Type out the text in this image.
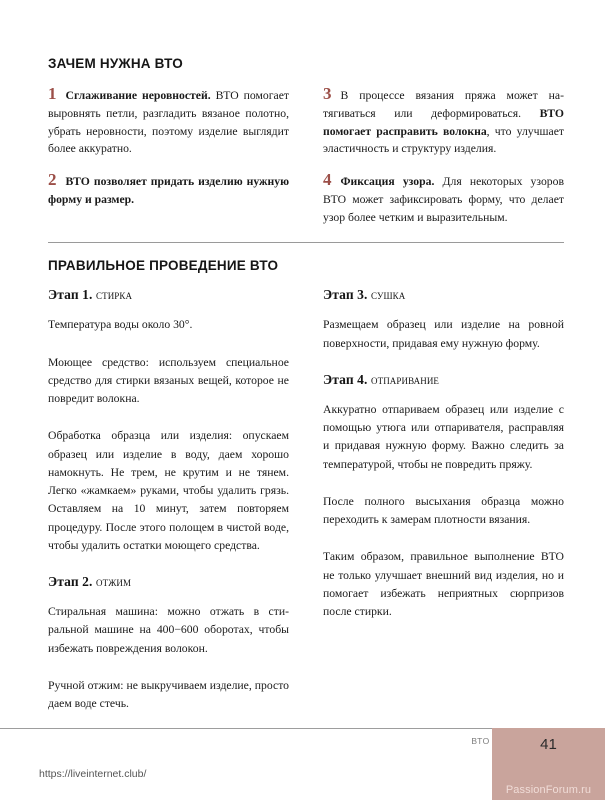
ЗАЧЕМ НУЖНА ВТО

1 Сглаживание неровностей. ВТО помогает выровнять петли, разгладить вязаное полотно, убрать неровности, поэтому изделие выглядит более аккуратно.

2 ВТО позволяет придать изделию нужную форму и размер.

3 В процессе вязания пряжа может натягиваться или деформироваться. ВТО помогает расправить волокна, что улучшает эластичность и структуру изделия.

4 Фиксация узора. Для некоторых узоров ВТО может зафиксировать форму, что делает узор более четким и выразительным.

ПРАВИЛЬНОЕ ПРОВЕДЕНИЕ ВТО
Этап 1. стирка

Температура воды около 30°.

Моющее средство: используем специальное средство для стирки вязаных вещей, которое не повредит волокна.

Обработка образца или изделия: опускаем образец или изделие в воду, даем хорошо намокнуть. Не трем, не крутим и не тянем. Легко «жамкаем» руками, чтобы удалить грязь. Оставляем на 10 минут, затем повторяем процедуру. После этого полощем в чистой воде, чтобы удалить остатки моющего средства.

Этап 2. отжим

Стиральная машина: можно отжать в стиральной машине на 400−600 оборотах, чтобы избежать повреждения волокон.

Ручной отжим: не выкручиваем изделие, просто даем воде стечь.

Этап 3. сушка

Размещаем образец или изделие на ровной поверхности, придавая ему нужную форму.

Этап 4. отпаривание

Аккуратно отпариваем образец или изделие с помощью утюга или отпаривателя, расправляя и придавая нужную форму. Важно следить за температурой, чтобы не повредить пряжу.

После полного высыхания образца можно переходить к замерам плотности вязания.

Таким образом, правильное выполнение ВТО не только улучшает внешний вид изделия, но и помогает избежать неприятных сюрпризов после стирки.

ВТО	41
PassionForum.ru
https://liveinternet.club/
